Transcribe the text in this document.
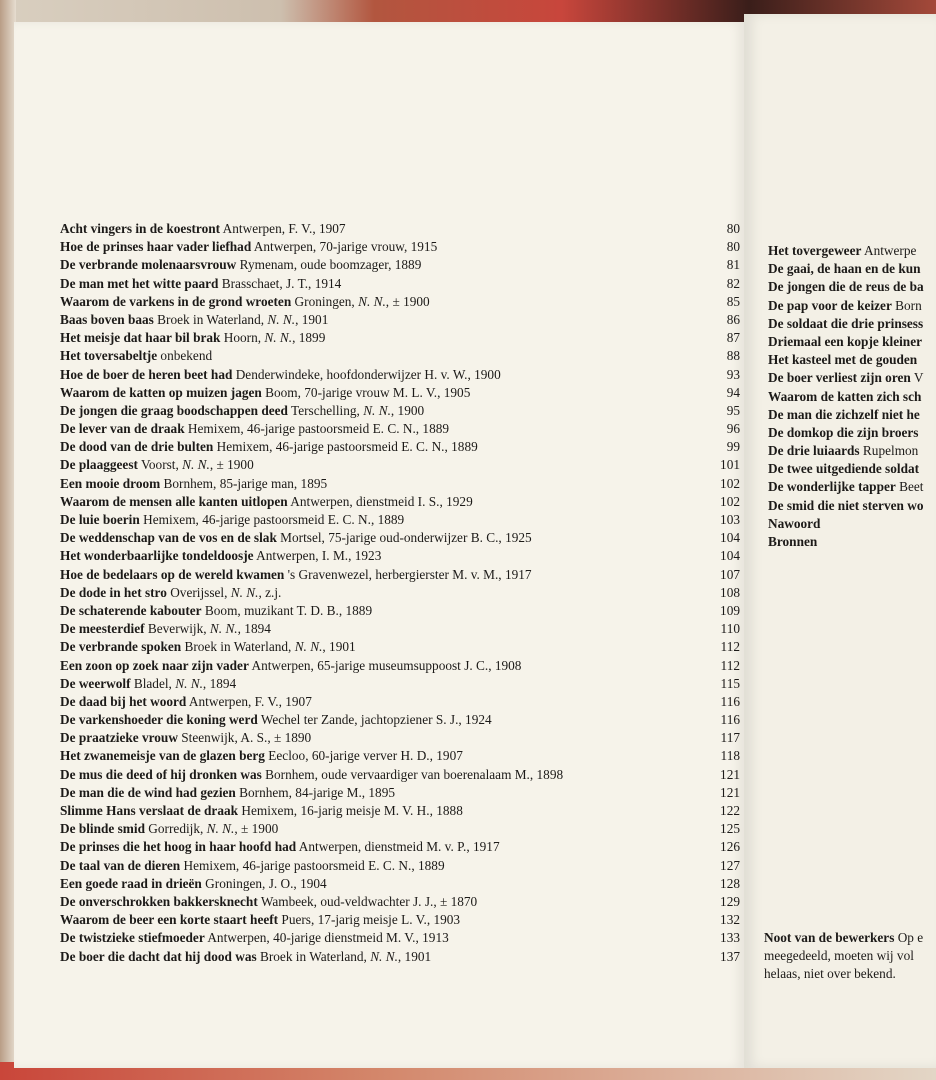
Acht vingers in de koestront Antwerpen, F. V., 1907	80
Hoe de prinses haar vader liefhad Antwerpen, 70-jarige vrouw, 1915	80
De verbrande molenaarsvrouw Rymenam, oude boomzager, 1889	81
De man met het witte paard Brasschaet, J. T., 1914	82
Waarom de varkens in de grond wroeten Groningen, N. N., ± 1900	85
Baas boven baas Broek in Waterland, N. N., 1901	86
Het meisje dat haar bil brak Hoorn, N. N., 1899	87
Het toversabeltje onbekend	88
Hoe de boer de heren beet had Denderwindeke, hoofdonderwijzer H. v. W., 1900	93
Waarom de katten op muizen jagen Boom, 70-jarige vrouw M. L. V., 1905	94
De jongen die graag boodschappen deed Terschelling, N. N., 1900	95
De lever van de draak Hemixem, 46-jarige pastoorsmeid E. C. N., 1889	96
De dood van de drie bulten Hemixem, 46-jarige pastoorsmeid E. C. N., 1889	99
De plaaggeest Voorst, N. N., ± 1900	101
Een mooie droom Bornhem, 85-jarige man, 1895	102
Waarom de mensen alle kanten uitlopen Antwerpen, dienstmeid I. S., 1929	102
De luie boerin Hemixem, 46-jarige pastoorsmeid E. C. N., 1889	103
De weddenschap van de vos en de slak Mortsel, 75-jarige oud-onderwijzer B. C., 1925	104
Het wonderbaarlijke tondeldoosje Antwerpen, I. M., 1923	104
Hoe de bedelaars op de wereld kwamen 's Gravenwezel, herbergierster M. v. M., 1917	107
De dode in het stro Overijssel, N. N., z.j.	108
De schaterende kabouter Boom, muzikant T. D. B., 1889	109
De meesterdief Beverwijk, N. N., 1894	110
De verbrande spoken Broek in Waterland, N. N., 1901	112
Een zoon op zoek naar zijn vader Antwerpen, 65-jarige museumsuppoost J. C., 1908	112
De weerwolf Bladel, N. N., 1894	115
De daad bij het woord Antwerpen, F. V., 1907	116
De varkenshoeder die koning werd Wechel ter Zande, jachtopziener S. J., 1924	116
De praatzieke vrouw Steenwijk, A. S., ± 1890	117
Het zwanemeisje van de glazen berg Eecloo, 60-jarige verver H. D., 1907	118
De mus die deed of hij dronken was Bornhem, oude vervaardiger van boerenalaam M., 1898	121
De man die de wind had gezien Bornhem, 84-jarige M., 1895	121
Slimme Hans verslaat de draak Hemixem, 16-jarig meisje M. V. H., 1888	122
De blinde smid Gorredijk, N. N., ± 1900	125
De prinses die het hoog in haar hoofd had Antwerpen, dienstmeid M. v. P., 1917	126
De taal van de dieren Hemixem, 46-jarige pastoorsmeid E. C. N., 1889	127
Een goede raad in drieën Groningen, J. O., 1904	128
De onverschrokken bakkersknecht Wambeek, oud-veldwachter J. J., ± 1870	129
Waarom de beer een korte staart heeft Puers, 17-jarig meisje L. V., 1903	132
De twistzieke stiefmoeder Antwerpen, 40-jarige dienstmeid M. V., 1913	133
De boer die dacht dat hij dood was Broek in Waterland, N. N., 1901	137
Het tovergeweer Antwerpe
De gaai, de haan en de kun
De jongen die de reus de ba
De pap voor de keizer Born
De soldaat die drie prinsess
Driemaal een kopje kleiner
Het kasteel met de gouden
De boer verliest zijn oren V
Waarom de katten zich sch
De man die zichzelf niet he
De domkop die zijn broers
De drie luiaards Rupelmon
De twee uitgediende soldat
De wonderlijke tapper Beet
De smid die niet sterven wo
Nawoord
Bronnen
Noot van de bewerkers Op e
meegedeeld, moeten wij vol
helaas, niet over bekend.
